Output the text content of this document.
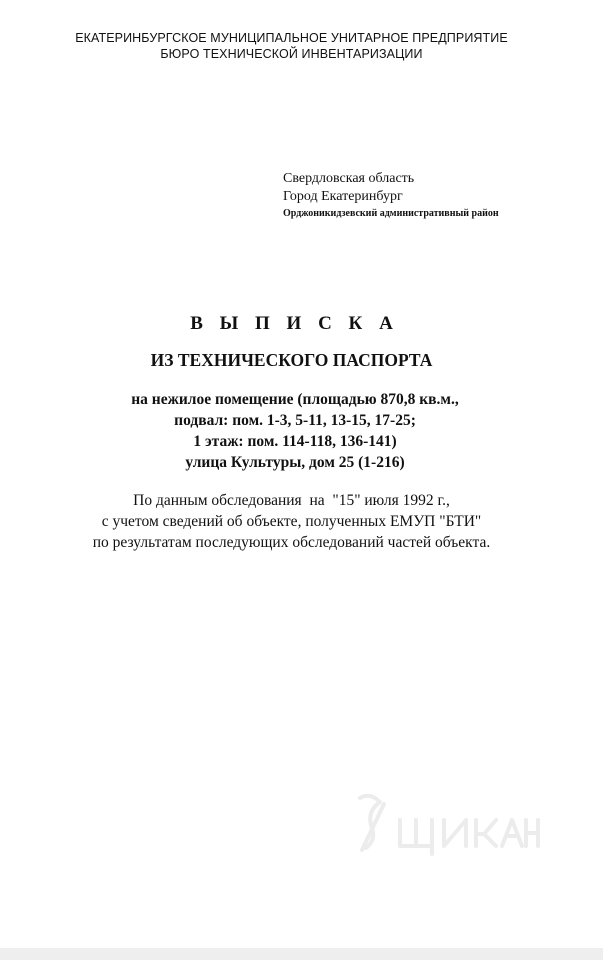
ЕКАТЕРИНБУРГСКОЕ МУНИЦИПАЛЬНОЕ УНИТАРНОЕ ПРЕДПРИЯТИЕ
БЮРО ТЕХНИЧЕСКОЙ ИНВЕНТАРИЗАЦИИ
Свердловская область
Город Екатеринбург
Орджоникидзевский административный район
В Ы П И С К А
ИЗ ТЕХНИЧЕСКОГО ПАСПОРТА
на нежилое помещение (площадью 870,8 кв.м.,
подвал: пом. 1-3, 5-11, 13-15, 17-25;
1 этаж: пом. 114-118, 136-141)
улица Культуры, дом 25 (1-216)
По данным обследования  на  "15" июля 1992 г.,
с учетом сведений об объекте, полученных ЕМУП "БТИ"
по результатам последующих обследований частей объекта.
